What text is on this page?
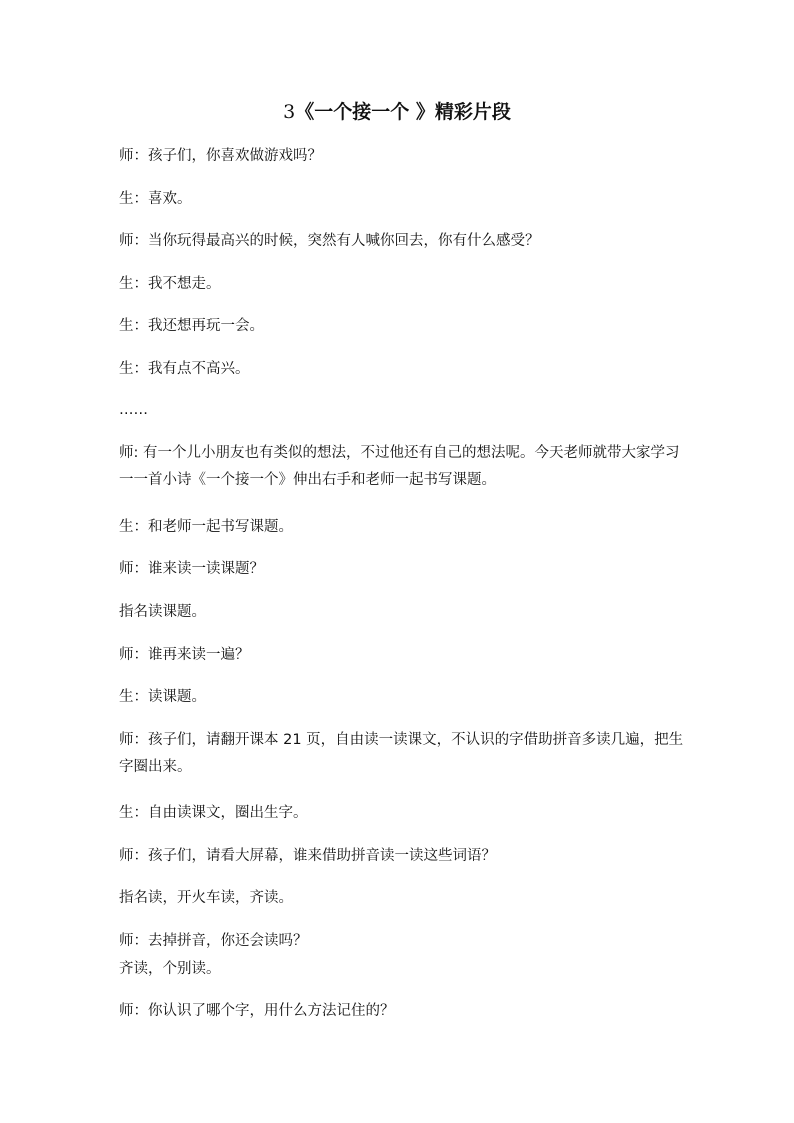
3《一个接一个 》精彩片段
师：孩子们，你喜欢做游戏吗？
生：喜欢。
师：当你玩得最高兴的时候，突然有人喊你回去，你有什么感受？
生：我不想走。
生：我还想再玩一会。
生：我有点不高兴。
……
师: 有一个儿小朋友也有类似的想法，不过他还有自己的想法呢。今天老师就带大家学习一一首小诗《一个接一个》伸出右手和老师一起书写课题。
生：和老师一起书写课题。
师：谁来读一读课题？
指名读课题。
师：谁再来读一遍？
生：读课题。
师：孩子们，请翻开课本 21 页，自由读一读课文，不认识的字借助拼音多读几遍，把生字圈出来。
生：自由读课文，圈出生字。
师：孩子们，请看大屏幕，谁来借助拼音读一读这些词语？
指名读，开火车读，齐读。
师：去掉拼音，你还会读吗？
齐读，个别读。
师：你认识了哪个字，用什么方法记住的？
